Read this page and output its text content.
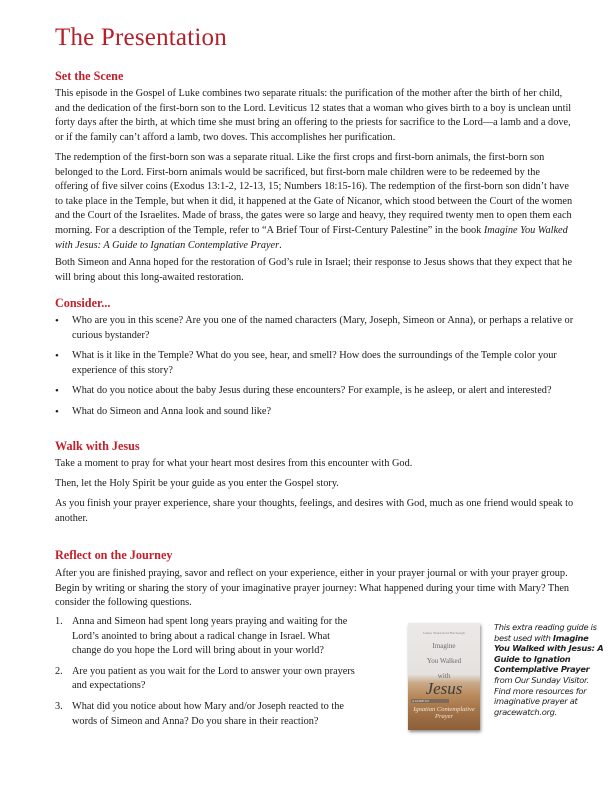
The Presentation
Set the Scene

This episode in the Gospel of Luke combines two separate rituals: the purification of the mother after the birth of her child, and the dedication of the first-born son to the Lord. Leviticus 12 states that a woman who gives birth to a boy is unclean until forty days after the birth, at which time she must bring an offering to the priests for sacrifice to the Lord—a lamb and a dove, or if the family can’t afford a lamb, two doves. This accomplishes her purification.

The redemption of the first-born son was a separate ritual. Like the first crops and first-born animals, the first-born son belonged to the Lord. First-born animals would be sacrificed, but first-born male children were to be redeemed by the offering of five silver coins (Exodus 13:1-2, 12-13, 15; Numbers 18:15-16). The redemption of the first-born son didn’t have to take place in the Temple, but when it did, it happened at the Gate of Nicanor, which stood between the Court of the women and the Court of the Israelites. Made of brass, the gates were so large and heavy, they required twenty men to open them each morning. For a description of the Temple, refer to “A Brief Tour of First-Century Palestine” in the book Imagine You Walked with Jesus: A Guide to Ignatian Contemplative Prayer.

Both Simeon and Anna hoped for the restoration of God’s rule in Israel; their response to Jesus shows that they expect that he will bring about this long-awaited restoration.

Consider...
• Who are you in this scene? Are you one of the named characters (Mary, Joseph, Simeon or Anna), or perhaps a relative or curious bystander?
• What is it like in the Temple? What do you see, hear, and smell? How does the surroundings of the Temple color your experience of this story?
• What do you notice about the baby Jesus during these encounters? For example, is he asleep, or alert and interested?
• What do Simeon and Anna look and sound like?
Walk with Jesus

Take a moment to pray for what your heart most desires from this encounter with God.

Then, let the Holy Spirit be your guide as you enter the Gospel story.

As you finish your prayer experience, share your thoughts, feelings, and desires with God, much as one friend would speak to another.

Reflect on the Journey

After you are finished praying, savor and reflect on your experience, either in your prayer journal or with your prayer group. Begin by writing or sharing the story of your imaginative prayer journey: What happened during your time with Mary? Then consider the following questions.

1. Anna and Simeon had spent long years praying and waiting for the Lord’s anointed to bring about a radical change in Israel. What change do you hope the Lord will bring about in your world?
2. Are you patient as you wait for the Lord to answer your own prayers and expectations?
3. What did you notice about how Mary and/or Joseph reacted to the words of Simeon and Anna? Do you share in their reaction?
James Wakefield Harbaugh
Imagine
You Walked
with
Jesus
A GUIDE TO
Ignatian Contemplative Prayer
This extra reading guide is best used with Imagine You Walked with Jesus: A Guide to Ignation Contemplative Prayer from Our Sunday Visitor. Find more resources for imaginative prayer at gracewatch.org.
